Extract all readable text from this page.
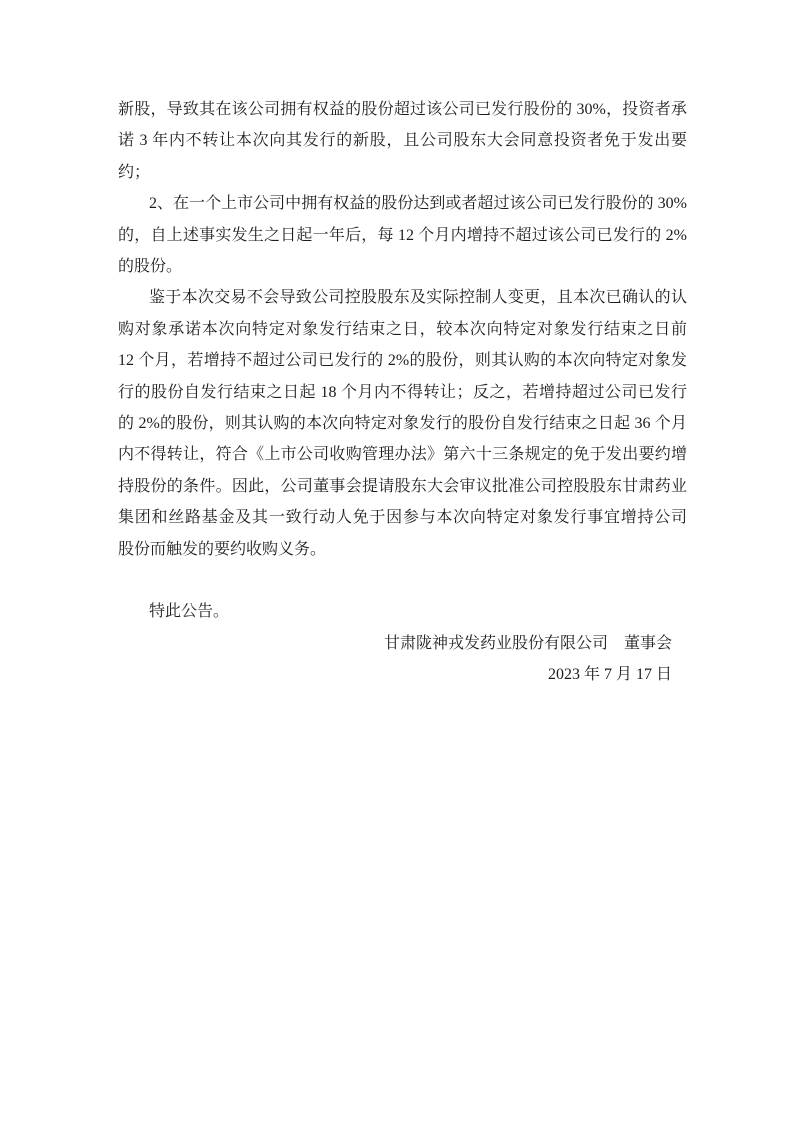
新股，导致其在该公司拥有权益的股份超过该公司已发行股份的 30%，投资者承
诺 3 年内不转让本次向其发行的新股，且公司股东大会同意投资者免于发出要
约；
2、在一个上市公司中拥有权益的股份达到或者超过该公司已发行股份的 30%
的，自上述事实发生之日起一年后，每 12 个月内增持不超过该公司已发行的 2%
的股份。
鉴于本次交易不会导致公司控股股东及实际控制人变更，且本次已确认的认
购对象承诺本次向特定对象发行结束之日，较本次向特定对象发行结束之日前
12 个月，若增持不超过公司已发行的 2%的股份，则其认购的本次向特定对象发
行的股份自发行结束之日起 18 个月内不得转让；反之，若增持超过公司已发行
的 2%的股份，则其认购的本次向特定对象发行的股份自发行结束之日起 36 个月
内不得转让，符合《上市公司收购管理办法》第六十三条规定的免于发出要约增
持股份的条件。因此，公司董事会提请股东大会审议批准公司控股股东甘肃药业
集团和丝路基金及其一致行动人免于因参与本次向特定对象发行事宜增持公司
股份而触发的要约收购义务。
特此公告。
甘肃陇神戎发药业股份有限公司　董事会
2023 年 7 月 17 日
